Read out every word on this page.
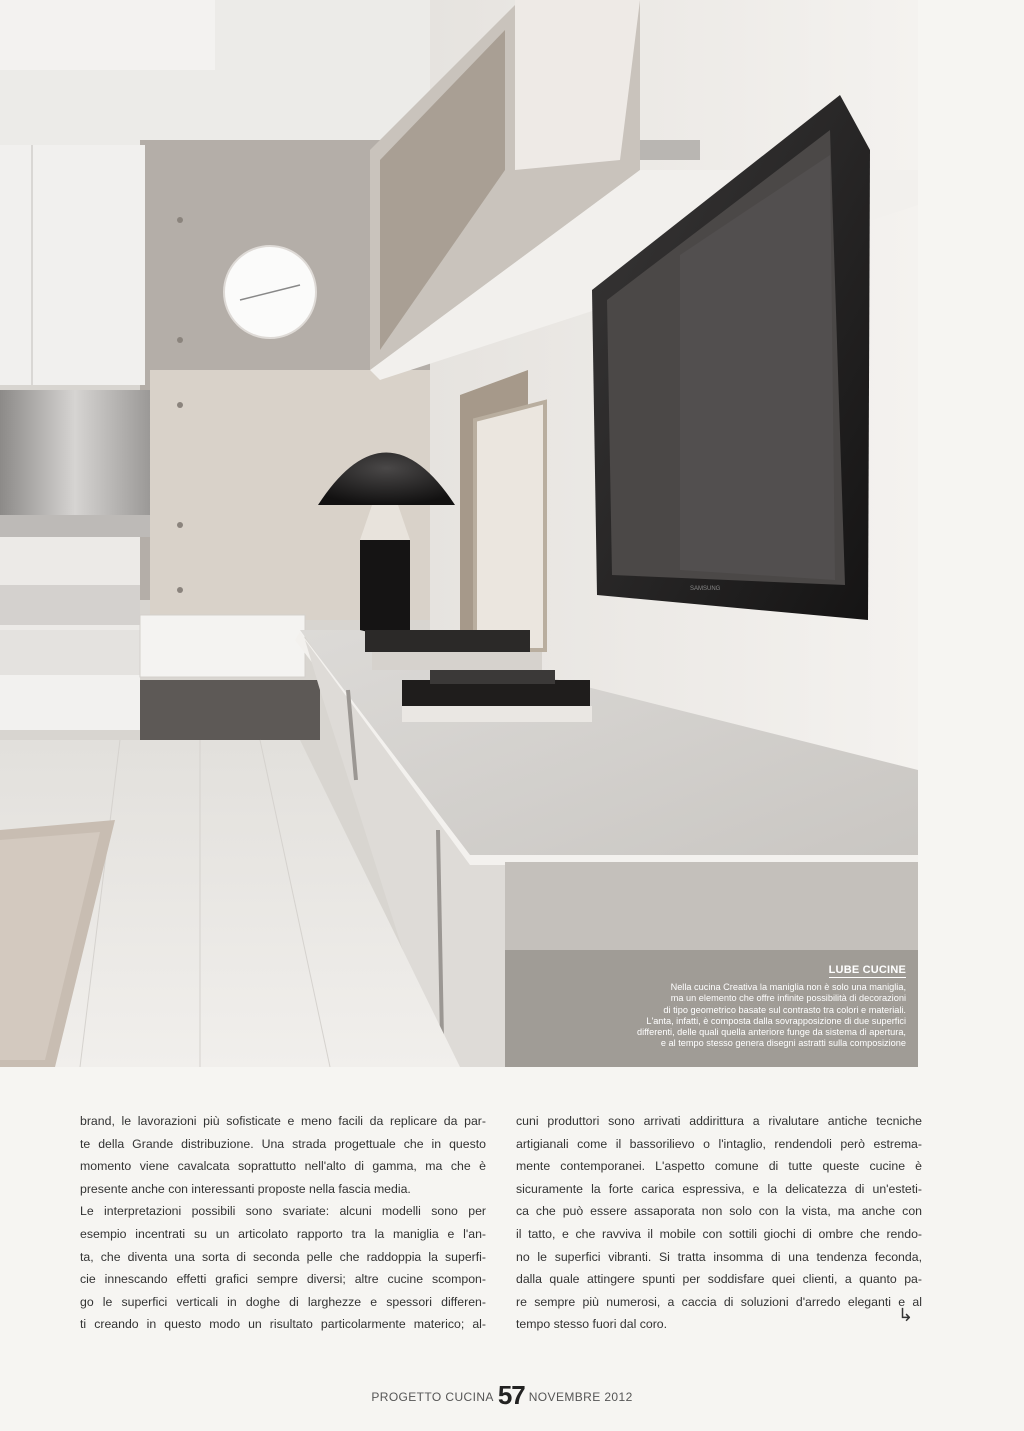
SAMSUNG
LUBE CUCINE
Nella cucina Creativa la maniglia non è solo una maniglia,
ma un elemento che offre infinite possibilità di decorazioni
di tipo geometrico basate sul contrasto tra colori e materiali.
L'anta, infatti, è composta dalla sovrapposizione di due superfici
differenti, delle quali quella anteriore funge da sistema di apertura,
e al tempo stesso genera disegni astratti sulla composizione
brand, le lavorazioni più sofisticate e meno facili da replicare da par-
te della Grande distribuzione. Una strada progettuale che in questo
momento viene cavalcata soprattutto nell'alto di gamma, ma che è
presente anche con interessanti proposte nella fascia media.
Le interpretazioni possibili sono svariate: alcuni modelli sono per
esempio incentrati su un articolato rapporto tra la maniglia e l'an-
ta, che diventa una sorta di seconda pelle che raddoppia la superfi-
cie innescando effetti grafici sempre diversi; altre cucine scompon-
go le superfici verticali in doghe di larghezze e spessori differen-
ti creando in questo modo un risultato particolarmente materico; al-
cuni produttori sono arrivati addirittura a rivalutare antiche tecniche
artigianali come il bassorilievo o l'intaglio, rendendoli però estrema-
mente contemporanei. L'aspetto comune di tutte queste cucine è
sicuramente la forte carica espressiva, e la delicatezza di un'esteti-
ca che può essere assaporata non solo con la vista, ma anche con
il tatto, e che ravviva il mobile con sottili giochi di ombre che rendo-
no le superfici vibranti. Si tratta insomma di una tendenza feconda,
dalla quale attingere spunti per soddisfare quei clienti, a quanto pa-
re sempre più numerosi, a caccia di soluzioni d'arredo eleganti e al
tempo stesso fuori dal coro.	↳
PROGETTO CUCINA 57 NOVEMBRE 2012
